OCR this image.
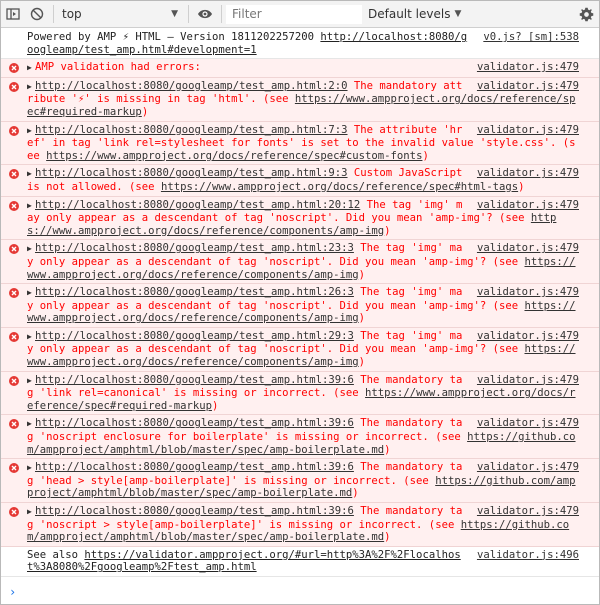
top	▼
Filter	Default levels ▼
v0.js? [sm]:538
Powered by AMP ⚡ HTML – Version 1811202257200 http://localhost:8080/googleamp/test_amp.html#development=1
validator.js:479
▶ AMP validation had errors:
validator.js:479
▶ http://localhost:8080/googleamp/test_amp.html:2:0 The mandatory attribute '⚡' is missing in tag 'html'. (see https://www.ampproject.org/docs/reference/spec#required-markup)
validator.js:479
▶ http://localhost:8080/googleamp/test_amp.html:7:3 The attribute 'href' in tag 'link rel=stylesheet for fonts' is set to the invalid value 'style.css'. (see https://www.ampproject.org/docs/reference/spec#custom-fonts)
validator.js:479
▶ http://localhost:8080/googleamp/test_amp.html:9:3 Custom JavaScript is not allowed. (see https://www.ampproject.org/docs/reference/spec#html-tags)
validator.js:479
▶ http://localhost:8080/googleamp/test_amp.html:20:12 The tag 'img' may only appear as a descendant of tag 'noscript'. Did you mean 'amp-img'? (see https://www.ampproject.org/docs/reference/components/amp-img)
validator.js:479
▶ http://localhost:8080/googleamp/test_amp.html:23:3 The tag 'img' may only appear as a descendant of tag 'noscript'. Did you mean 'amp-img'? (see https://www.ampproject.org/docs/reference/components/amp-img)
validator.js:479
▶ http://localhost:8080/googleamp/test_amp.html:26:3 The tag 'img' may only appear as a descendant of tag 'noscript'. Did you mean 'amp-img'? (see https://www.ampproject.org/docs/reference/components/amp-img)
validator.js:479
▶ http://localhost:8080/googleamp/test_amp.html:29:3 The tag 'img' may only appear as a descendant of tag 'noscript'. Did you mean 'amp-img'? (see https://www.ampproject.org/docs/reference/components/amp-img)
validator.js:479
▶ http://localhost:8080/googleamp/test_amp.html:39:6 The mandatory tag 'link rel=canonical' is missing or incorrect. (see https://www.ampproject.org/docs/reference/spec#required-markup)
validator.js:479
▶ http://localhost:8080/googleamp/test_amp.html:39:6 The mandatory tag 'noscript enclosure for boilerplate' is missing or incorrect. (see https://github.com/ampproject/amphtml/blob/master/spec/amp-boilerplate.md)
validator.js:479
▶ http://localhost:8080/googleamp/test_amp.html:39:6 The mandatory tag 'head > style[amp-boilerplate]' is missing or incorrect. (see https://github.com/ampproject/amphtml/blob/master/spec/amp-boilerplate.md)
validator.js:479
▶ http://localhost:8080/googleamp/test_amp.html:39:6 The mandatory tag 'noscript > style[amp-boilerplate]' is missing or incorrect. (see https://github.com/ampproject/amphtml/blob/master/spec/amp-boilerplate.md)
validator.js:496
See also https://validator.ampproject.org/#url=http%3A%2F%2Flocalhost%3A8080%2Fgoogleamp%2Ftest_amp.html
›
